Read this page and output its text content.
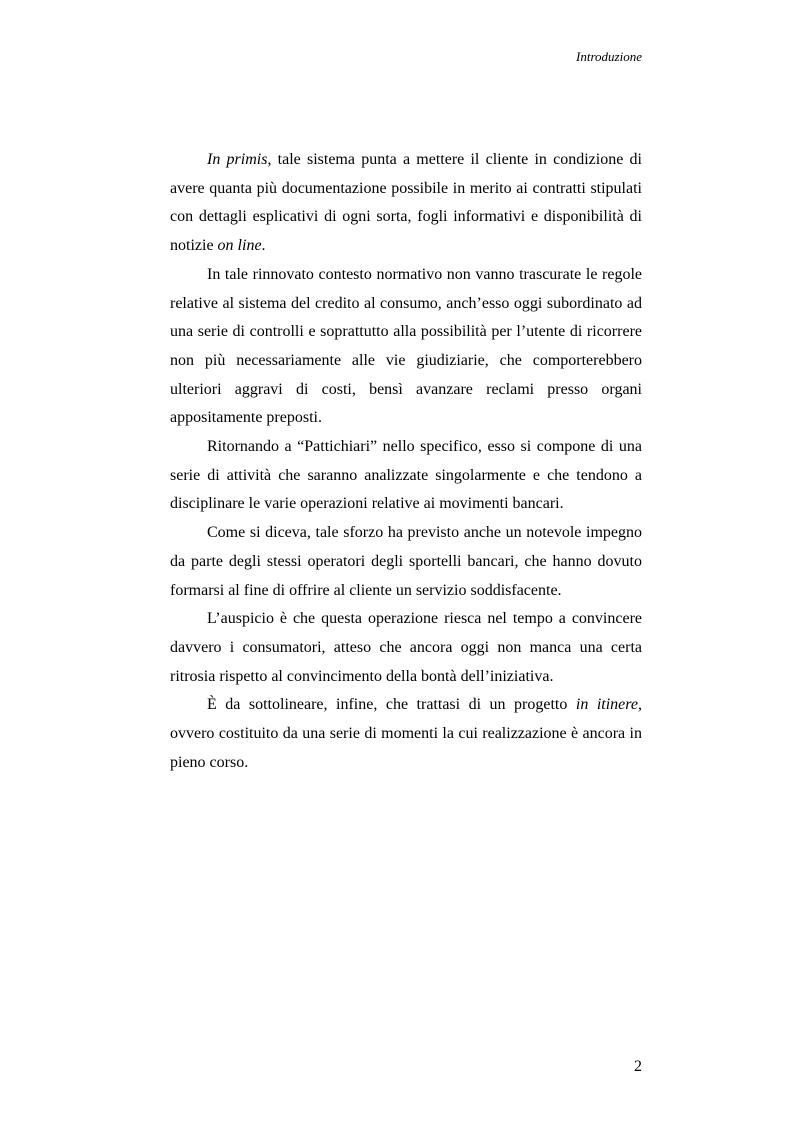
Introduzione

In primis, tale sistema punta a mettere il cliente in condizione di avere quanta più documentazione possibile in merito ai contratti stipulati con dettagli esplicativi di ogni sorta, fogli informativi e disponibilità di notizie on line.

In tale rinnovato contesto normativo non vanno trascurate le regole relative al sistema del credito al consumo, anch’esso oggi subordinato ad una serie di controlli e soprattutto alla possibilità per l’utente di ricorrere non più necessariamente alle vie giudiziarie, che comporterebbero ulteriori aggravi di costi, bensì avanzare reclami presso organi appositamente preposti.

Ritornando a “Pattichiari” nello specifico, esso si compone di una serie di attività che saranno analizzate singolarmente e che tendono a disciplinare le varie operazioni relative ai movimenti bancari.

Come si diceva, tale sforzo ha previsto anche un notevole impegno da parte degli stessi operatori degli sportelli bancari, che hanno dovuto formarsi al fine di offrire al cliente un servizio soddisfacente.

L’auspicio è che questa operazione riesca nel tempo a convincere davvero i consumatori, atteso che ancora oggi non manca una certa ritrosia rispetto al convincimento della bontà dell’iniziativa.

È da sottolineare, infine, che trattasi di un progetto in itinere, ovvero costituito da una serie di momenti la cui realizzazione è ancora in pieno corso.

2
